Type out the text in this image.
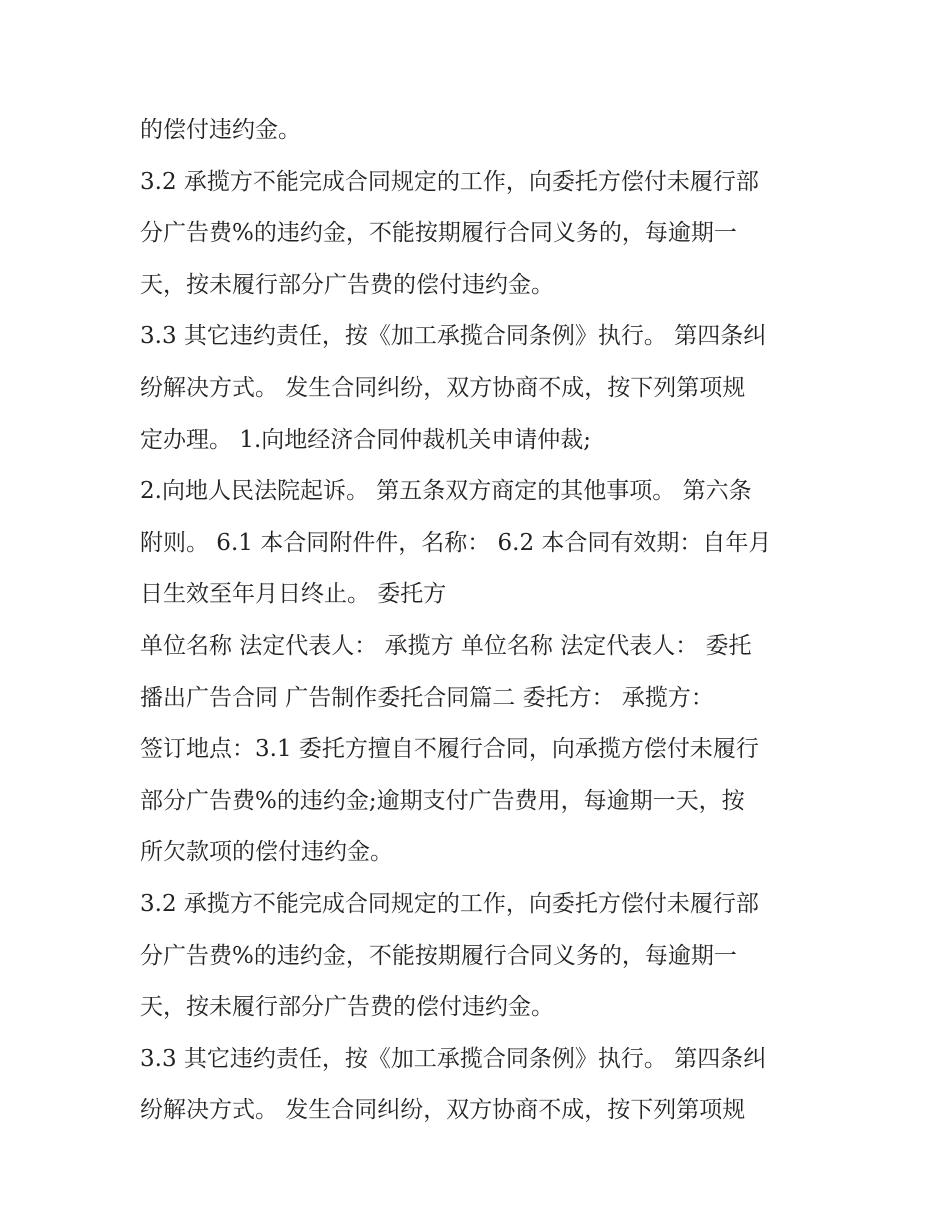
的偿付违约金。
3.2 承揽方不能完成合同规定的工作，向委托方偿付未履行部
分广告费%的违约金，不能按期履行合同义务的，每逾期一
天，按未履行部分广告费的偿付违约金。
3.3 其它违约责任，按《加工承揽合同条例》执行。 第四条纠
纷解决方式。 发生合同纠纷，双方协商不成，按下列第项规
定办理。 1.向地经济合同仲裁机关申请仲裁;
2.向地人民法院起诉。 第五条双方商定的其他事项。 第六条
附则。 6.1 本合同附件件，名称： 6.2 本合同有效期：自年月
日生效至年月日终止。 委托方
单位名称 法定代表人： 承揽方 单位名称 法定代表人： 委托
播出广告合同 广告制作委托合同篇二 委托方： 承揽方：
签订地点：3.1 委托方擅自不履行合同，向承揽方偿付未履行
部分广告费%的违约金;逾期支付广告费用，每逾期一天，按
所欠款项的偿付违约金。
3.2 承揽方不能完成合同规定的工作，向委托方偿付未履行部
分广告费%的违约金，不能按期履行合同义务的，每逾期一
天，按未履行部分广告费的偿付违约金。
3.3 其它违约责任，按《加工承揽合同条例》执行。 第四条纠
纷解决方式。 发生合同纠纷，双方协商不成，按下列第项规
